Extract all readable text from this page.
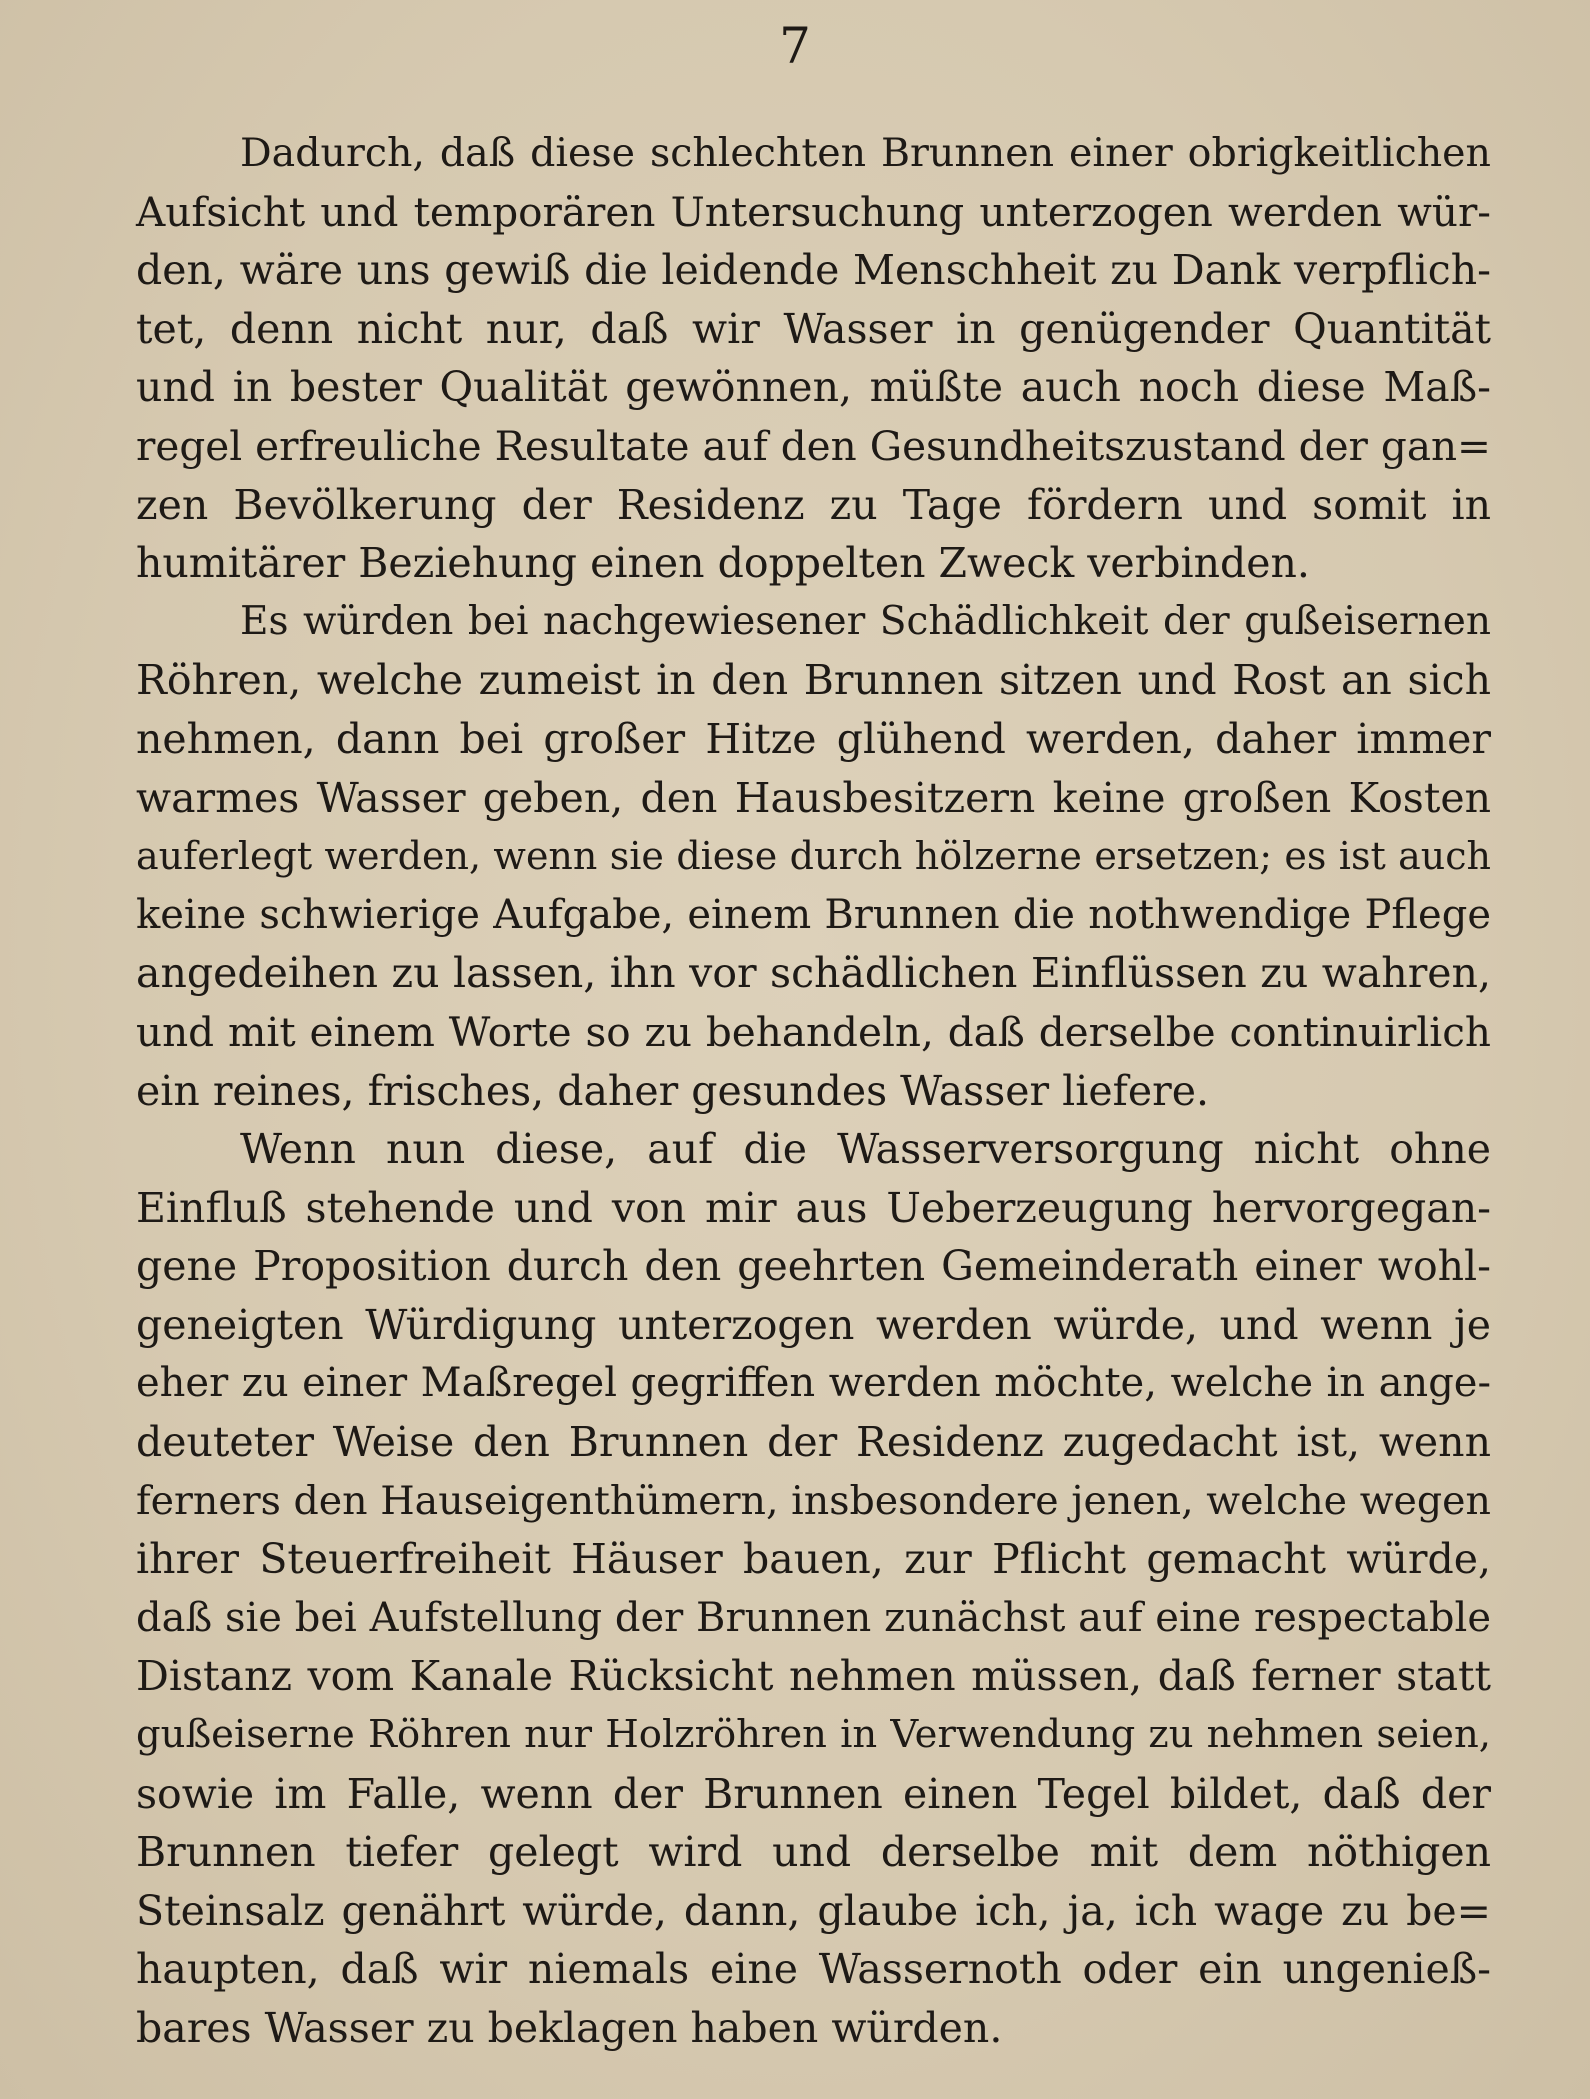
7
Dadurch, daß diese schlechten Brunnen einer obrigkeitlichen
Aufsicht und temporären Untersuchung unterzogen werden wür-
den, wäre uns gewiß die leidende Menschheit zu Dank verpflich-
tet, denn nicht nur, daß wir Wasser in genügender Quantität
und in bester Qualität gewönnen, müßte auch noch diese Maß-
regel erfreuliche Resultate auf den Gesundheitszustand der gan=
zen Bevölkerung der Residenz zu Tage fördern und somit in
humitärer Beziehung einen doppelten Zweck verbinden.
Es würden bei nachgewiesener Schädlichkeit der gußeisernen
Röhren, welche zumeist in den Brunnen sitzen und Rost an sich
nehmen, dann bei großer Hitze glühend werden, daher immer
warmes Wasser geben, den Hausbesitzern keine großen Kosten
auferlegt werden, wenn sie diese durch hölzerne ersetzen; es ist auch
keine schwierige Aufgabe, einem Brunnen die nothwendige Pflege
angedeihen zu lassen, ihn vor schädlichen Einflüssen zu wahren,
und mit einem Worte so zu behandeln, daß derselbe continuirlich
ein reines, frisches, daher gesundes Wasser liefere.
Wenn nun diese, auf die Wasserversorgung nicht ohne
Einfluß stehende und von mir aus Ueberzeugung hervorgegan-
gene Proposition durch den geehrten Gemeinderath einer wohl-
geneigten Würdigung unterzogen werden würde, und wenn je
eher zu einer Maßregel gegriffen werden möchte, welche in ange-
deuteter Weise den Brunnen der Residenz zugedacht ist, wenn
ferners den Hauseigenthümern, insbesondere jenen, welche wegen
ihrer Steuerfreiheit Häuser bauen, zur Pflicht gemacht würde,
daß sie bei Aufstellung der Brunnen zunächst auf eine respectable
Distanz vom Kanale Rücksicht nehmen müssen, daß ferner statt
gußeiserne Röhren nur Holzröhren in Verwendung zu nehmen seien,
sowie im Falle, wenn der Brunnen einen Tegel bildet, daß der
Brunnen tiefer gelegt wird und derselbe mit dem nöthigen
Steinsalz genährt würde, dann, glaube ich, ja, ich wage zu be=
haupten, daß wir niemals eine Wassernoth oder ein ungenieß-
bares Wasser zu beklagen haben würden.
